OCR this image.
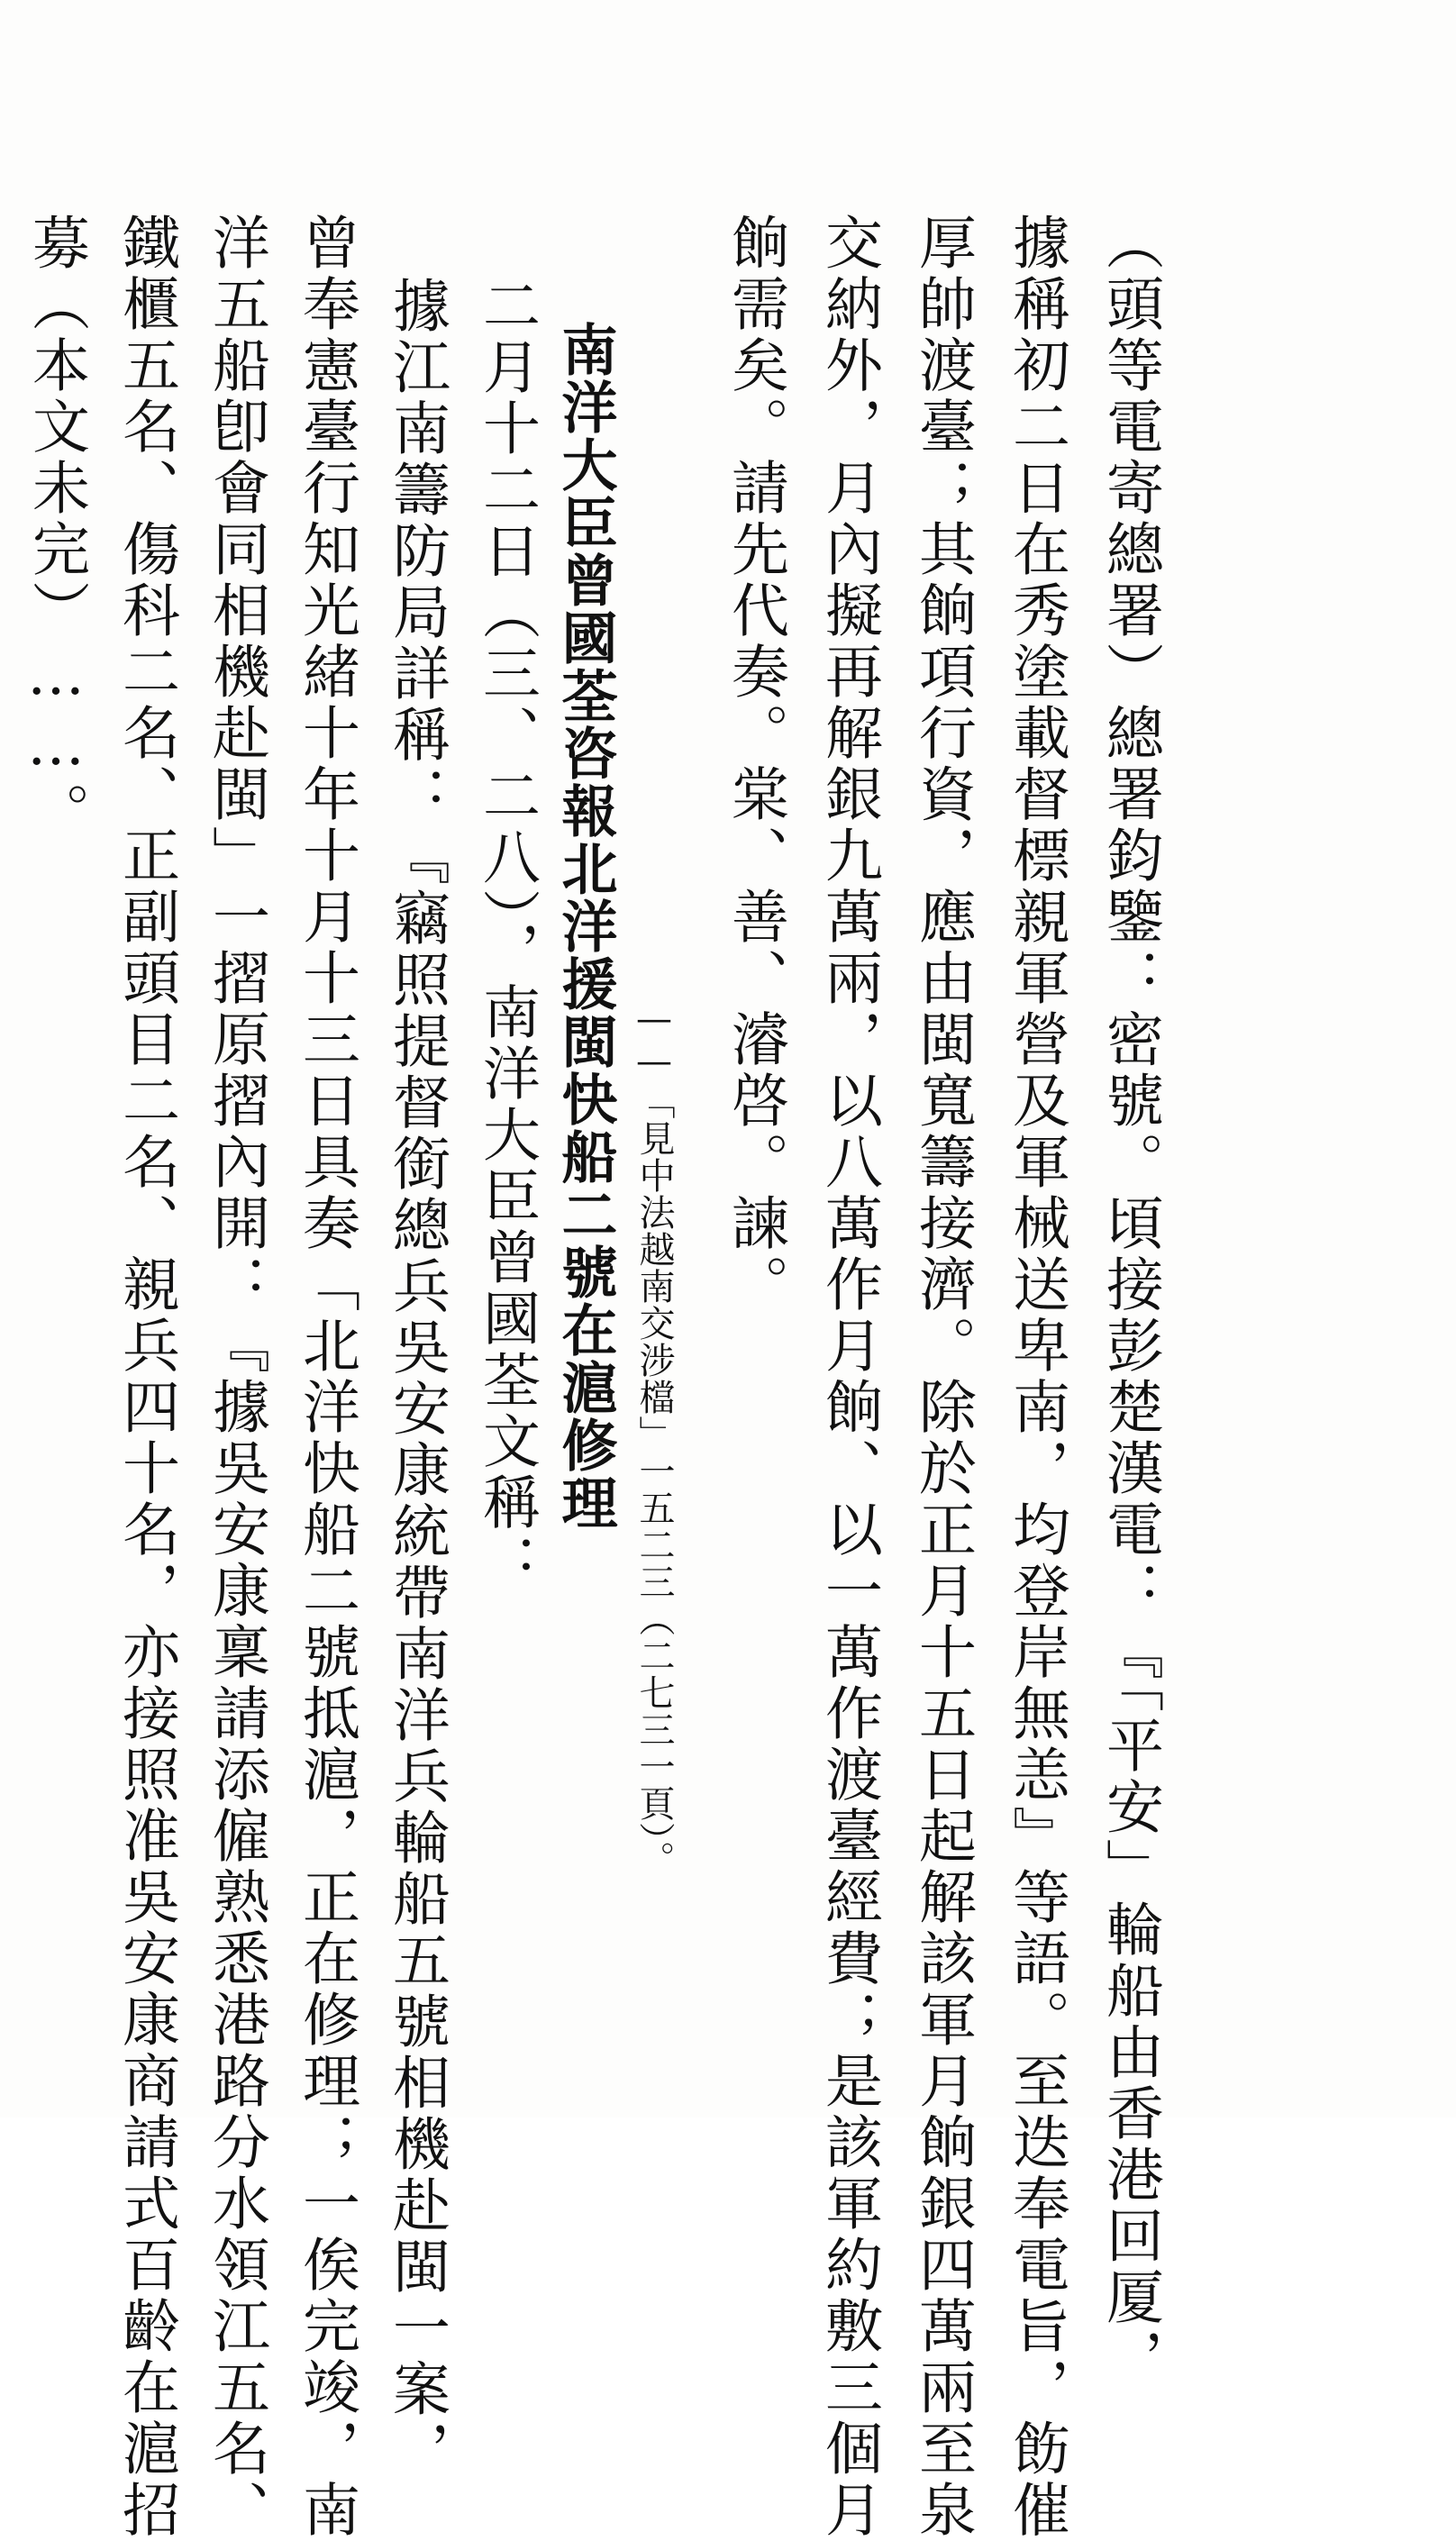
（頭等電寄總署）總署鈞鑒：密號。頃接彭楚漢電：『「平安」輪船由香港回厦，
據稱初二日在秀塗載督標親軍營及軍械送卑南，均登岸無恙』等語。至迭奉電旨，飭催
厚帥渡臺；其餉項行資，應由閩寬籌接濟。除於正月十五日起解該軍月餉銀四萬兩至泉
交納外，月內擬再解銀九萬兩，以八萬作月餉、以一萬作渡臺經費；是該軍約敷三個月
餉需矣。請先代奏。棠、善、濬啓。諫。
——「見中法越南交涉檔」一五二三（二七三一頁）。
南洋大臣曾國荃咨報北洋援閩快船二號在滬修理
二月十二日（三、二八），南洋大臣曾國荃文稱：
據江南籌防局詳稱：『竊照提督銜總兵吳安康統帶南洋兵輪船五號相機赴閩一案，
曾奉憲臺行知光緒十年十月十三日具奏「北洋快船二號抵滬，正在修理；一俟完竣，南
洋五船卽會同相機赴閩」一摺原摺內開：『據吳安康稟請添僱熟悉港路分水領江五名、
鐵櫃五名、傷科二名、正副頭目二名、親兵四十名，亦接照准吳安康商請式百齡在滬招
募（本文未完）……。
